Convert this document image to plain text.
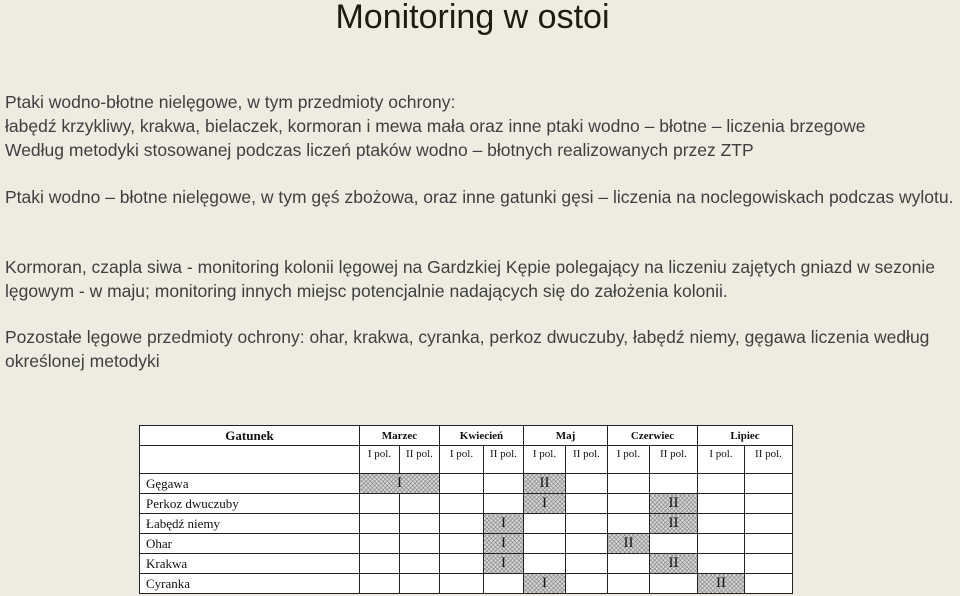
Monitoring w ostoi

Ptaki wodno-błotne nielęgowe, w tym przedmioty ochrony:

łabędź krzykliwy, krakwa, bielaczek, kormoran i mewa mała oraz inne ptaki wodno – błotne – liczenia brzegowe

Według metodyki stosowanej podczas liczeń ptaków wodno – błotnych realizowanych przez ZTP

Ptaki wodno – błotne nielęgowe, w tym gęś zbożowa, oraz inne gatunki gęsi – liczenia na noclegowiskach podczas wylotu.

Kormoran, czapla siwa - monitoring kolonii lęgowej na Gardzkiej Kępie polegający na liczeniu zajętych gniazd w sezonie lęgowym - w maju; monitoring innych miejsc potencjalnie nadających się do założenia kolonii.

Pozostałe lęgowe przedmioty ochrony: ohar, krakwa, cyranka, perkoz dwuczuby, łabędź niemy, gęgawa liczenia według określonej metodyki

Gatunek	Marzec		Kwiecień		Maj		Czerwiec		Lipiec	
	I pol.	II pol.	I pol.	II pol.	I pol.	II pol.	I pol.	II pol.	I pol.	II pol.
Gęgawa	I				II					
Perkoz dwuczuby					I			II		
Łabędź niemy				I				II		
Ohar				I			II			
Krakwa				I				II		
Cyranka					I				II	
